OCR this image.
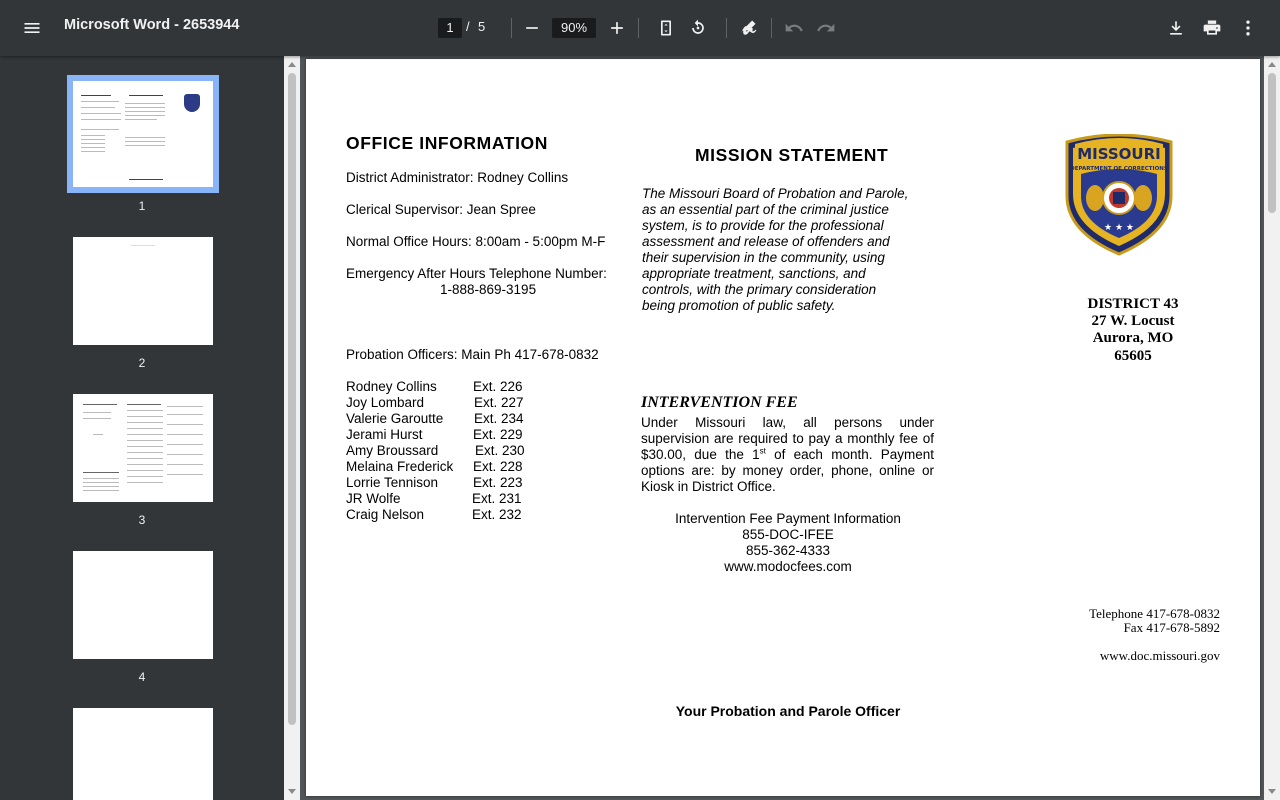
Microsoft Word - 2653944	1 / 5	90%
1
2
3
4
OFFICE INFORMATION
District Administrator: Rodney Collins
Clerical Supervisor: Jean Spree
Normal Office Hours: 8:00am - 5:00pm M-F
Emergency After Hours Telephone Number:
1-888-869-3195
Probation Officers: Main Ph 417-678-0832
Rodney Collins	Ext. 226
Joy Lombard	Ext. 227
Valerie Garoutte Ext. 234
Jerami Hurst	Ext. 229
Amy Broussard	Ext. 230
Melaina Frederick Ext. 228
Lorrie Tennison	Ext. 223
JR Wolfe	Ext. 231
Craig Nelson	Ext. 232
MISSION STATEMENT
The Missouri Board of Probation and Parole,
as an essential part of the criminal justice
system, is to provide for the professional
assessment and release of offenders and
their supervision in the community, using
appropriate treatment, sanctions, and
controls, with the primary consideration
being promotion of public safety.
INTERVENTION FEE
Under Missouri law, all persons under supervision are required to pay a monthly fee of $30.00, due the 1st of each month. Payment options are: by money order, phone, online or Kiosk in District Office.
Intervention Fee Payment Information
855-DOC-IFEE
855-362-4333
www.modocfees.com
Your Probation and Parole Officer
MISSOURI
DEPARTMENT OF CORRECTIONS
★ ★ ★
DISTRICT 43
27 W. Locust
Aurora, MO
65605
Telephone 417-678-0832
Fax 417-678-5892
www.doc.missouri.gov
